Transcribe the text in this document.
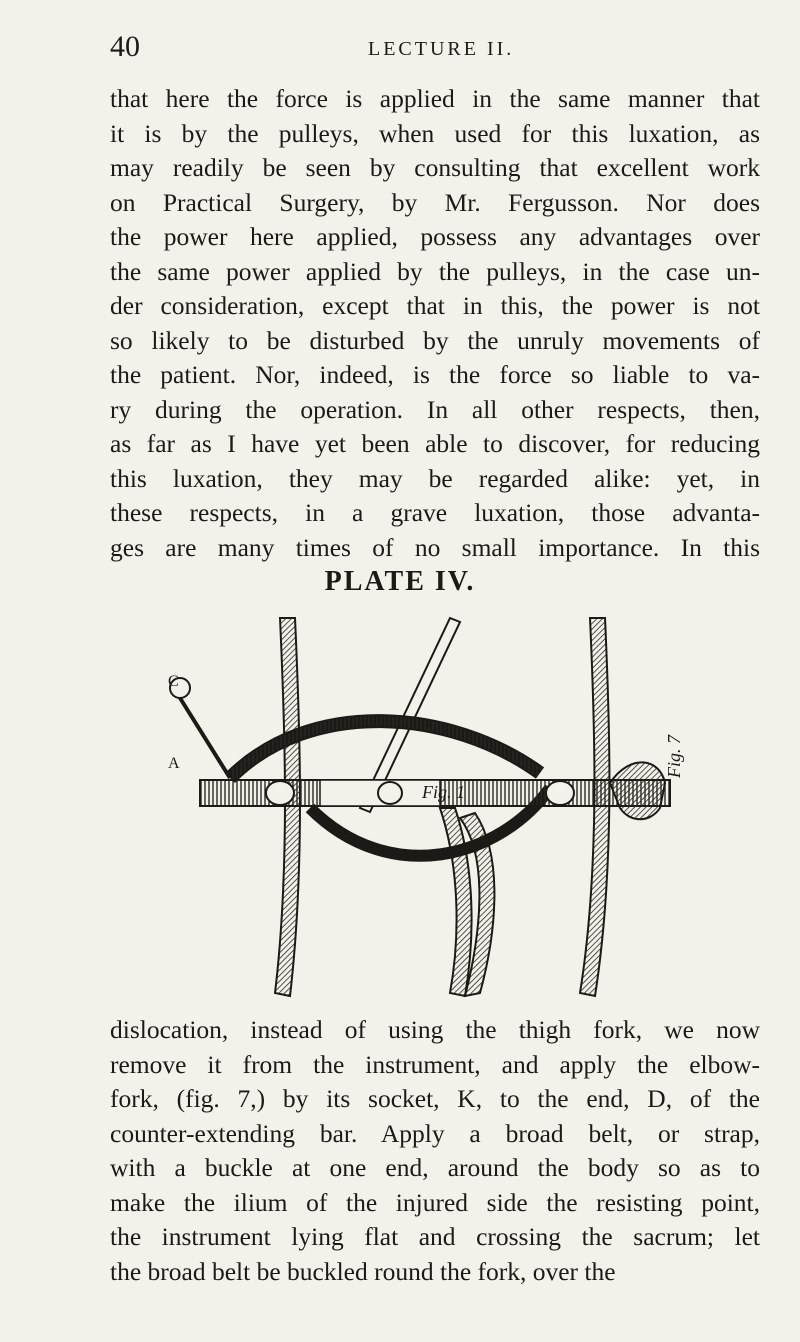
40	LECTURE II.
that here the force is applied in the same manner that
it is by the pulleys, when used for this luxation, as
may readily be seen by consulting that excellent work
on Practical Surgery, by Mr. Fergusson. Nor does
the power here applied, possess any advantages over
the same power applied by the pulleys, in the case un-
der consideration, except that in this, the power is not
so likely to be disturbed by the unruly movements of
the patient. Nor, indeed, is the force so liable to va-
ry during the operation. In all other respects, then,
as far as I have yet been able to discover, for reducing
this luxation, they may be regarded alike: yet, in
these respects, in a grave luxation, those advanta-
ges are many times of no small importance. In this
PLATE IV.
A
C
Fig. 1
Fig. 7
dislocation, instead of using the thigh fork, we now
remove it from the instrument, and apply the elbow-
fork, (fig. 7,) by its socket, K, to the end, D, of the
counter-extending bar. Apply a broad belt, or strap,
with a buckle at one end, around the body so as to
make the ilium of the injured side the resisting point,
the instrument lying flat and crossing the sacrum; let
the broad belt be buckled round the fork, over the
